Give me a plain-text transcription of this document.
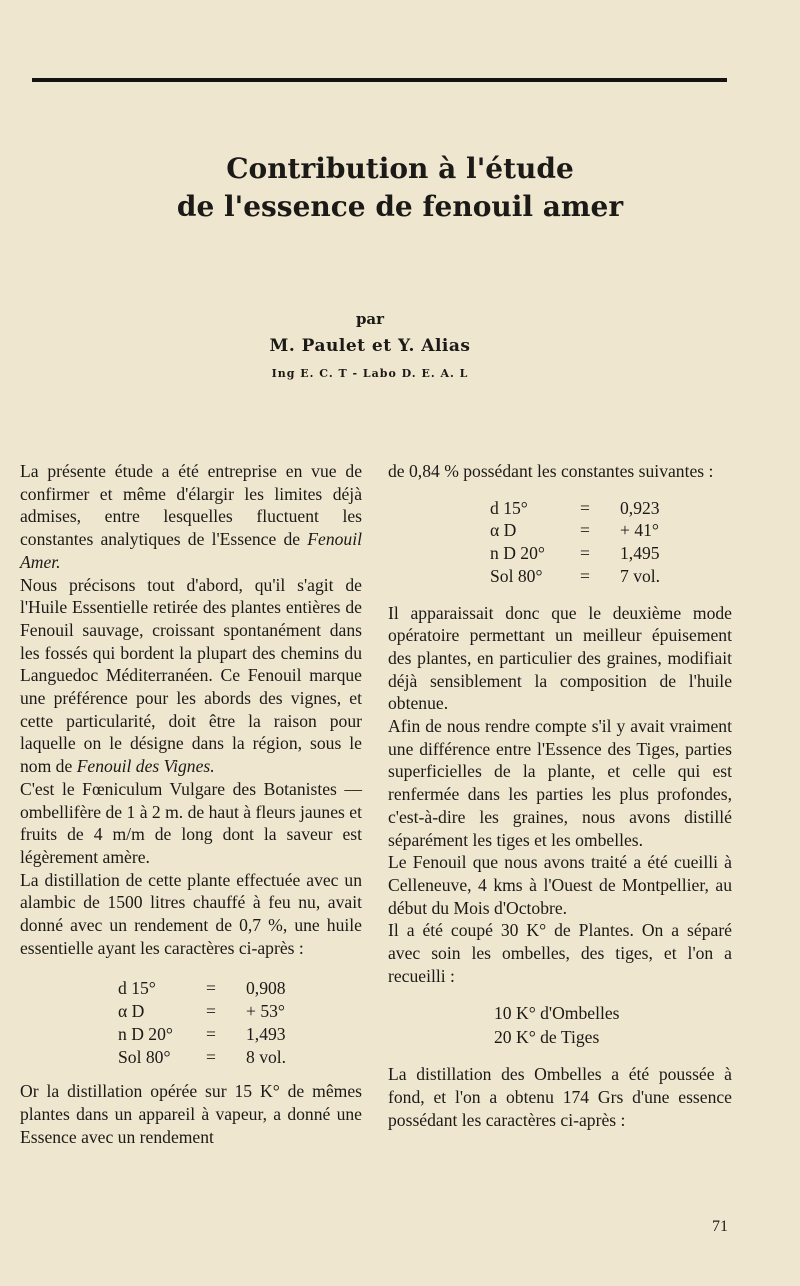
Contribution à l'étude
de l'essence de fenouil amer
par
M. Paulet et Y. Alias
Ing E. C. T - Labo D. E. A. L

La présente étude a été entreprise en vue de confirmer et même d'élargir les limites déjà admises, entre lesquelles fluctuent les constantes analytiques de l'Essence de Fenouil Amer.

Nous précisons tout d'abord, qu'il s'agit de l'Huile Essentielle retirée des plantes entières de Fenouil sauvage, croissant spontanément dans les fossés qui bordent la plupart des chemins du Languedoc Méditerranéen. Ce Fenouil marque une préférence pour les abords des vignes, et cette particularité, doit être la raison pour laquelle on le désigne dans la région, sous le nom de Fenouil des Vignes.

C'est le Fœniculum Vulgare des Botanistes — ombellifère de 1 à 2 m. de haut à fleurs jaunes et fruits de 4 m/m de long dont la saveur est légèrement amère.

La distillation de cette plante effectuée avec un alambic de 1500 litres chauffé à feu nu, avait donné avec un rendement de 0,7 %, une huile essentielle ayant les caractères ci-après :

d 15°	=	0,908
α D	=	+ 53°
n D 20°	=	1,493
Sol 80°	=	8 vol.

Or la distillation opérée sur 15 K° de mêmes plantes dans un appareil à vapeur, a donné une Essence avec un rendement

de 0,84 % possédant les constantes suivantes :

d 15°	=	0,923
α D	=	+ 41°
n D 20°	=	1,495
Sol 80°	=	7 vol.

Il apparaissait donc que le deuxième mode opératoire permettant un meilleur épuisement des plantes, en particulier des graines, modifiait déjà sensiblement la composition de l'huile obtenue.

Afin de nous rendre compte s'il y avait vraiment une différence entre l'Essence des Tiges, parties superficielles de la plante, et celle qui est renfermée dans les parties les plus profondes, c'est-à-dire les graines, nous avons distillé séparément les tiges et les ombelles.

Le Fenouil que nous avons traité a été cueilli à Celleneuve, 4 kms à l'Ouest de Montpellier, au début du Mois d'Octobre.

Il a été coupé 30 K° de Plantes. On a séparé avec soin les ombelles, des tiges, et l'on a recueilli :

10 K° d'Ombelles
20 K° de Tiges

La distillation des Ombelles a été poussée à fond, et l'on a obtenu 174 Grs d'une essence possédant les caractères ci-après :

71
